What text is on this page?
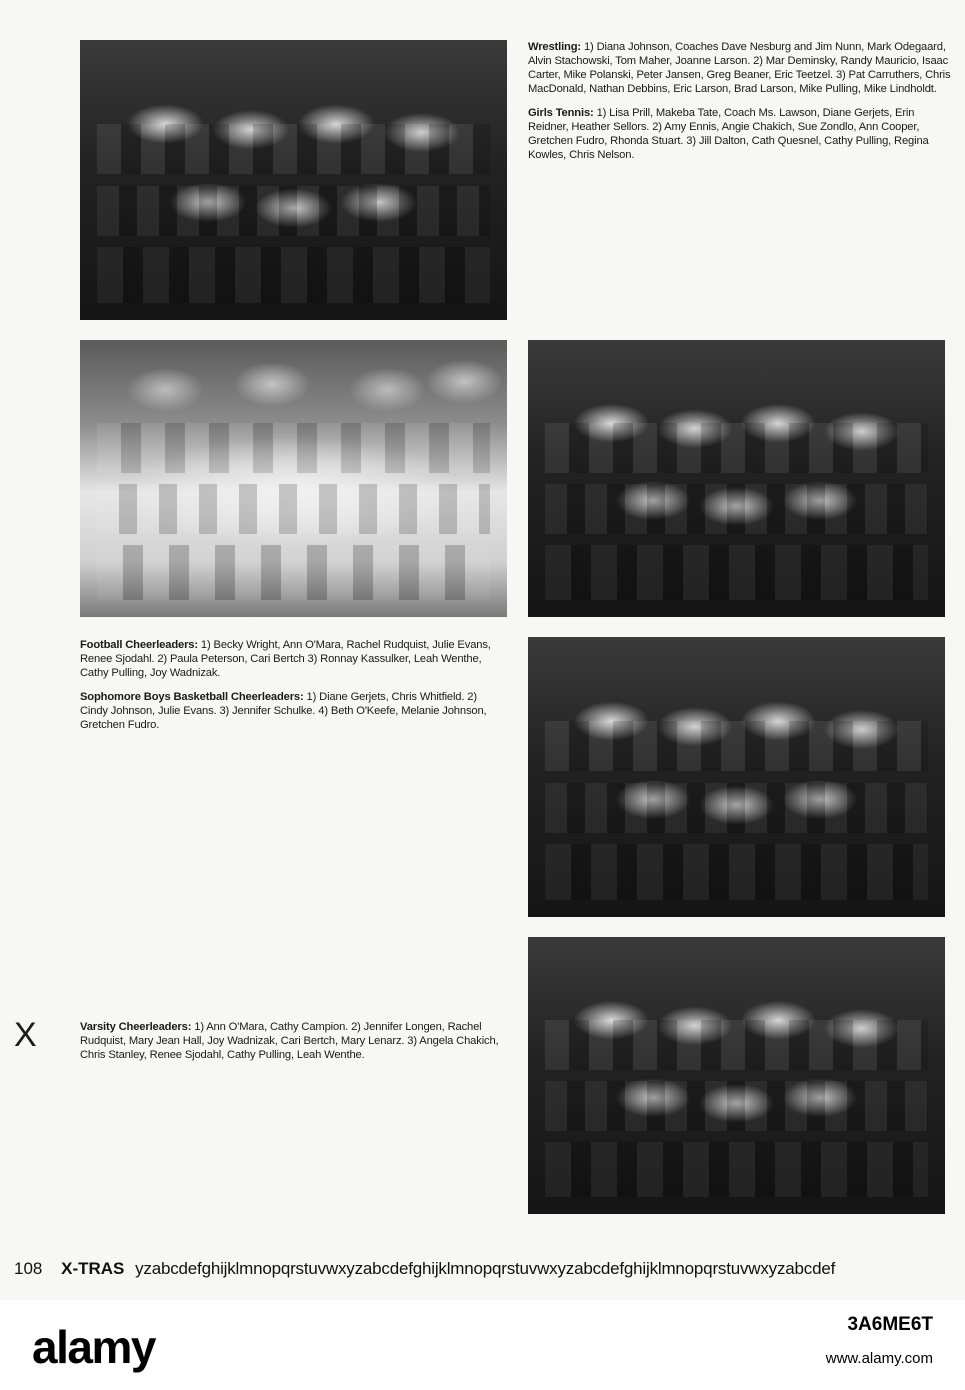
Wrestling: 1) Diana Johnson, Coaches Dave Nesburg and Jim Nunn, Mark Odegaard, Alvin Stachowski, Tom Maher, Joanne Larson. 2) Mar Deminsky, Randy Mauricio, Isaac Carter, Mike Polanski, Peter Jansen, Greg Beaner, Eric Teetzel. 3) Pat Carruthers, Chris MacDonald, Nathan Debbins, Eric Larson, Brad Larson, Mike Pulling, Mike Lindholdt.

Girls Tennis: 1) Lisa Prill, Makeba Tate, Coach Ms. Lawson, Diane Gerjets, Erin Reidner, Heather Sellors. 2) Amy Ennis, Angie Chakich, Sue Zondlo, Ann Cooper, Gretchen Fudro, Rhonda Stuart. 3) Jill Dalton, Cath Quesnel, Cathy Pulling, Regina Kowles, Chris Nelson.

Football Cheerleaders: 1) Becky Wright, Ann O'Mara, Rachel Rudquist, Julie Evans, Renee Sjodahl. 2) Paula Peterson, Cari Bertch 3) Ronnay Kassulker, Leah Wenthe, Cathy Pulling, Joy Wadnizak.

Sophomore Boys Basketball Cheerleaders: 1) Diane Gerjets, Chris Whitfield. 2) Cindy Johnson, Julie Evans. 3) Jennifer Schulke. 4) Beth O'Keefe, Melanie Johnson, Gretchen Fudro.

Varsity Cheerleaders: 1) Ann O'Mara, Cathy Campion. 2) Jennifer Longen, Rachel Rudquist, Mary Jean Hall, Joy Wadnizak, Cari Bertch, Mary Lenarz. 3) Angela Chakich, Chris Stanley, Renee Sjodahl, Cathy Pulling, Leah Wenthe.

X
108 X-TRAS yzabcdefghijklmnopqrstuvwxyzabcdefghijklmnopqrstuvwxyzabcdefghijklmnopqrstuvwxyzabcdef
alamy	3A6ME6T
www.alamy.com
